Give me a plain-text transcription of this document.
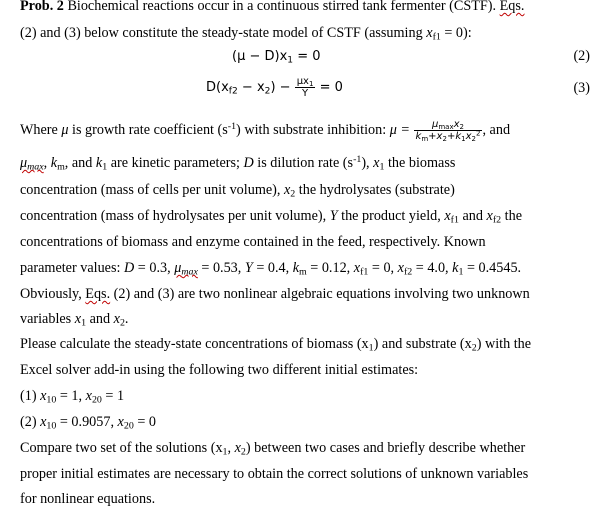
Prob. 2 Biochemical reactions occur in a continuous stirred tank fermenter (CSTF). Eqs.
(2) and (3) below constitute the steady-state model of CSTF (assuming $x_{f1} = 0$):
$(\mu - D)x_1 = 0$	(2)
$D(x_{f2} - x_2) - \frac{\mu x_1}{Y} = 0$	(3)
Where μ is growth rate coefficient $(s^{-1})$ with substrate inhibition: $\mu = \frac{\mu_{max}x_2}{k_m+x_2+k_1x_2^2}$ , and
$\mu_{max}$, $k_m$, and $k_1$ are kinetic parameters; D is dilution rate $(s^{-1})$, $x_1$ the biomass
concentration (mass of cells per unit volume), $x_2$ the hydrolysates (substrate)
concentration (mass of hydrolysates per unit volume), Y the product yield, $x_{f1}$ and $x_{f2}$ the
concentrations of biomass and enzyme contained in the feed, respectively. Known
parameter values: D = 0.3, $\mu_{max} = 0.53$, Y = 0.4, $k_m = 0.12$, $x_{f1} = 0$, $x_{f2} = 4.0$, $k_1 = 0.4545$.
Obviously, Eqs. (2) and (3) are two nonlinear algebraic equations involving two unknown
variables $x_1$ and $x_2$.
Please calculate the steady-state concentrations of biomass $(x_1)$ and substrate $(x_2)$ with the
Excel solver add-in using the following two different initial estimates:
(1) $x_{10} = 1$, $x_{20} = 1$
(2) $x_{10} = 0.9057$, $x_{20} = 0$
Compare two set of the solutions ($x_1$, $x_2$) between two cases and briefly describe whether
proper initial estimates are necessary to obtain the correct solutions of unknown variables
for nonlinear equations.
